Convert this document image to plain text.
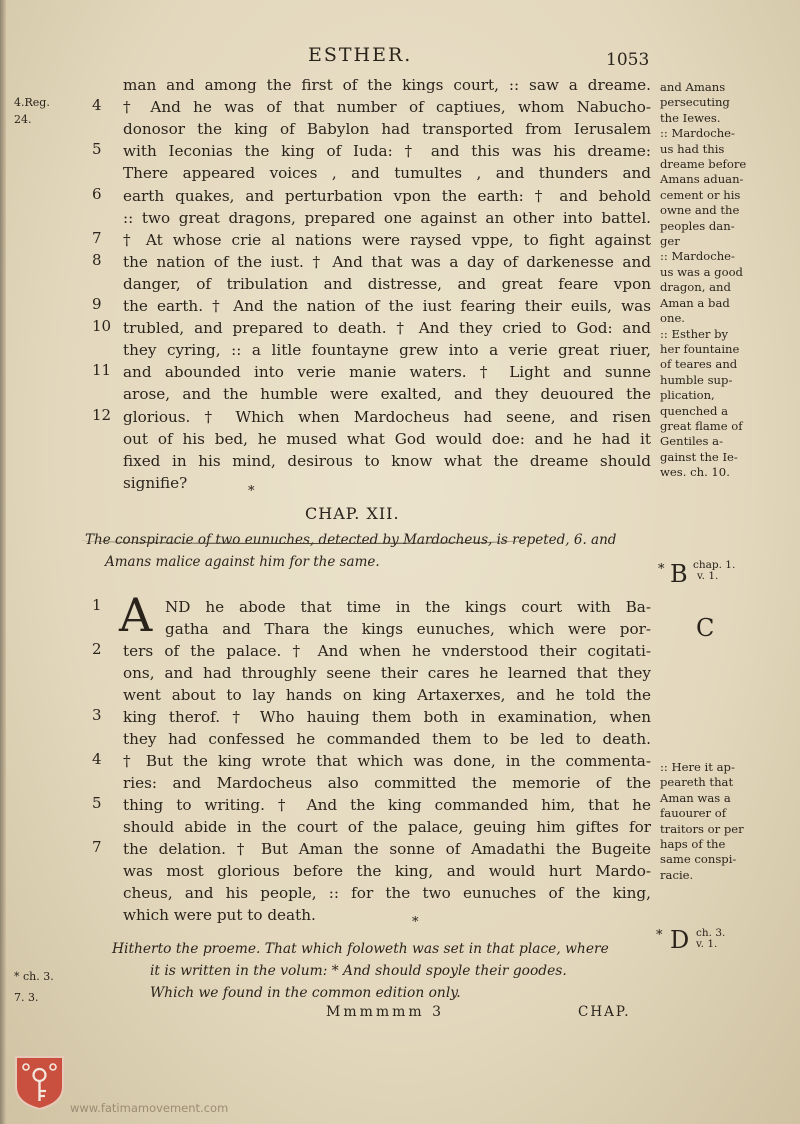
ESTHER.	1053
4.Reg.
24.
* ch. 3.
7. 3.
man and among the first of the kings court, :: saw a dreame.
4	† And he was of that number of captiues, whom Nabucho-
donosor the king of Babylon had transported from Ierusalem
5	with Ieconias the king of Iuda: † and this was his dreame:
There appeared voices , and tumultes , and thunders and
6	earth quakes, and perturbation vpon the earth: † and behold
:: two great dragons, prepared one against an other into battel.
7	† At whose crie al nations were raysed vppe, to fight against
8	the nation of the iust. † And that was a day of darkenesse and
danger, of tribulation and distresse, and great feare vpon
9	the earth. † And the nation of the iust fearing their euils, was
10 trubled, and prepared to death. † And they cried to God: and
they cyring, :: a litle fountayne grew into a verie great riuer,
11 and abounded into verie manie waters. † Light and sunne
arose, and the humble were exalted, and they deuoured the
12 glorious. † Which when Mardocheus had seene, and risen
out of his bed, he mused what God would doe: and he had it
fixed in his mind, desirous to know what the dreame should
signifie?	*
CHAP. XII.
The conspiracie of two eunuches, detected by Mardocheus, is repeted, 6. and
Amans malice against him for the same.
A
1	ND he abode that time in the kings court with Ba-
gatha and Thara the kings eunuches, which were por-
2	ters of the palace. † And when he vnderstood their cogitati-
ons, and had throughly seene their cares he learned that they
went about to lay hands on king Artaxerxes, and he told the
3	king therof. † Who hauing them both in examination, when
they had confessed he commanded them to be led to death.
4	† But the king wrote that which was done, in the commenta-
ries: and Mardocheus also committed the memorie of the
5	thing to writing. † And the king commanded him, that he
should abide in the court of the palace, geuing him giftes for
7	the delation. † But Aman the sonne of Amadathi the Bugeite
was most glorious before the king, and would hurt Mardo-
cheus, and his people, :: for the two eunuches of the king,
which were put to death.	*
Hitherto the proeme. That which foloweth was set in that place, where
it is written in the volum: * And should spoyle their goodes.
Which we found in the common edition only.
Mmmmmm 3	CHAP.
and Amans
persecuting
the Iewes.
:: Mardoche-
us had this
dreame before
Amans aduan-
cement or his
owne and the
peoples dan-
ger
:: Mardoche-
us was a good
dragon, and
Aman a bad
one.
:: Esther by
her fountaine
of teares and
humble sup-
plication,
quenched a
great flame of
Gentiles a-
gainst the Ie-
wes. ch. 10.
* B chap. 1.
v. 1.
C
:: Here it ap-
peareth that
Aman was a
fauourer of
traitors or per
haps of the
same conspi-
racie.
* D ch. 3.
v. 1.
www.fatimamovement.com
